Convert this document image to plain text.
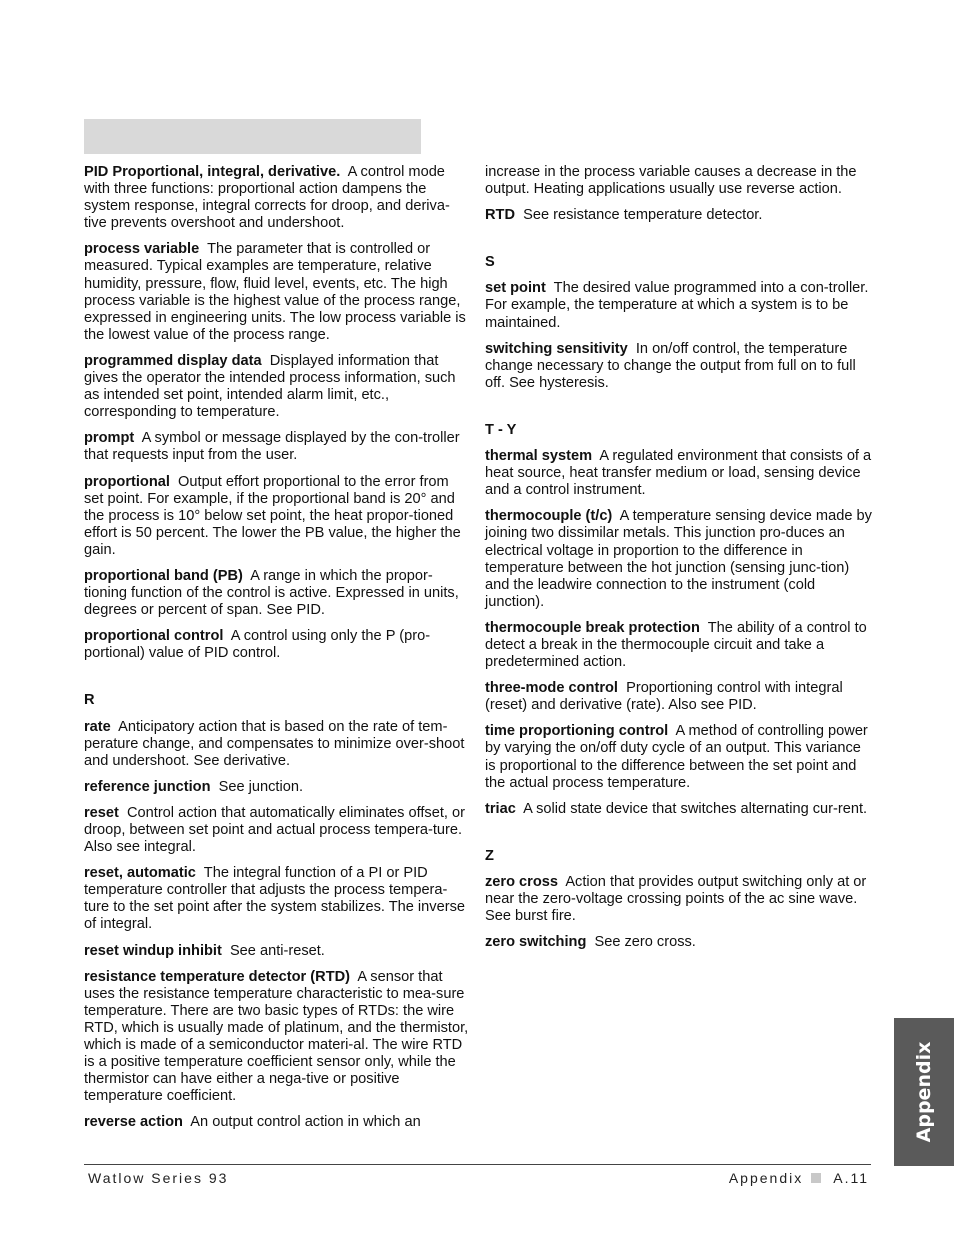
PID Proportional, integral, derivative. A control mode with three functions: proportional action dampens the system response, integral corrects for droop, and deriva-tive prevents overshoot and undershoot.
process variable The parameter that is controlled or measured. Typical examples are temperature, relative humidity, pressure, flow, fluid level, events, etc. The high process variable is the highest value of the process range, expressed in engineering units. The low process variable is the lowest value of the process range.
programmed display data Displayed information that gives the operator the intended process information, such as intended set point, intended alarm limit, etc., corresponding to temperature.
prompt A symbol or message displayed by the con-troller that requests input from the user.
proportional Output effort proportional to the error from set point. For example, if the proportional band is 20° and the process is 10° below set point, the heat propor-tioned effort is 50 percent. The lower the PB value, the higher the gain.
proportional band (PB) A range in which the propor-tioning function of the control is active. Expressed in units, degrees or percent of span. See PID.
proportional control A control using only the P (pro-portional) value of PID control.
R
rate Anticipatory action that is based on the rate of tem-perature change, and compensates to minimize over-shoot and undershoot. See derivative.
reference junction See junction.
reset Control action that automatically eliminates offset, or droop, between set point and actual process tempera-ture. Also see integral.
reset, automatic The integral function of a PI or PID temperature controller that adjusts the process tempera-ture to the set point after the system stabilizes. The inverse of integral.
reset windup inhibit See anti-reset.
resistance temperature detector (RTD) A sensor that uses the resistance temperature characteristic to mea-sure temperature. There are two basic types of RTDs: the wire RTD, which is usually made of platinum, and the thermistor, which is made of a semiconductor materi-al. The wire RTD is a positive temperature coefficient sensor only, while the thermistor can have either a nega-tive or positive temperature coefficient.
reverse action An output control action in which an
increase in the process variable causes a decrease in the output. Heating applications usually use reverse action.
RTD See resistance temperature detector.
S
set point The desired value programmed into a con-troller. For example, the temperature at which a system is to be maintained.
switching sensitivity In on/off control, the temperature change necessary to change the output from full on to full off. See hysteresis.
T - Y
thermal system A regulated environment that consists of a heat source, heat transfer medium or load, sensing device and a control instrument.
thermocouple (t/c) A temperature sensing device made by joining two dissimilar metals. This junction pro-duces an electrical voltage in proportion to the difference in temperature between the hot junction (sensing junc-tion) and the leadwire connection to the instrument (cold junction).
thermocouple break protection The ability of a control to detect a break in the thermocouple circuit and take a predetermined action.
three-mode control Proportioning control with integral (reset) and derivative (rate). Also see PID.
time proportioning control A method of controlling power by varying the on/off duty cycle of an output. This variance is proportional to the difference between the set point and the actual process temperature.
triac A solid state device that switches alternating cur-rent.
Z
zero cross Action that provides output switching only at or near the zero-voltage crossing points of the ac sine wave. See burst fire.
zero switching See zero cross.
Watlow Series 93	Appendix A.11
Appendix
